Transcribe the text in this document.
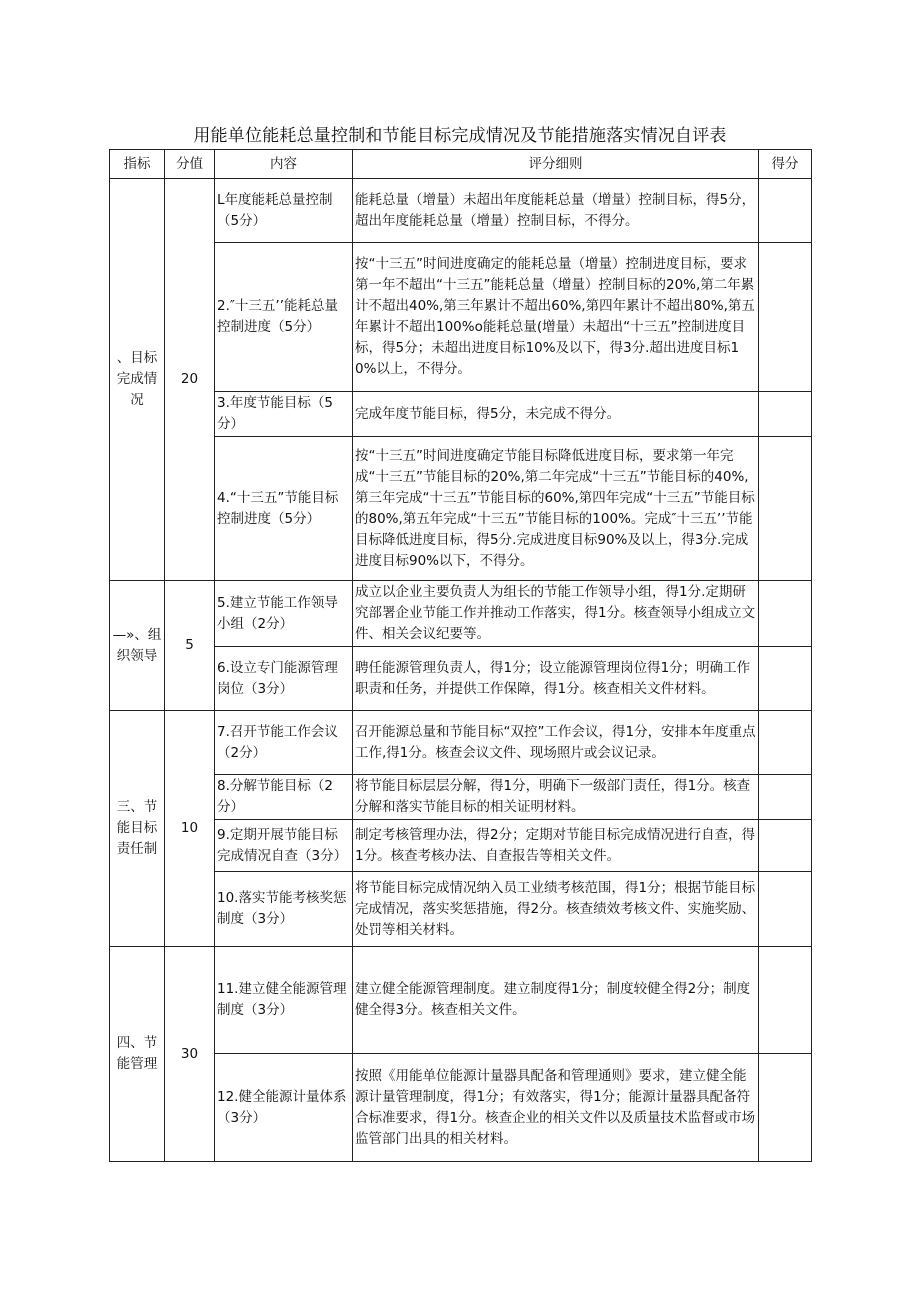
用能单位能耗总量控制和节能目标完成情况及节能措施落实情况自评表
指标	分值	内容	评分细则	得分
、目标完成情况	20	L年度能耗总量控制（5分）	能耗总量（增量）未超出年度能耗总量（增量）控制目标，得5分，超出年度能耗总量（增量）控制目标，不得分。	
		2.″十三五’’能耗总量控制进度（5分）	按“十三五”时间进度确定的能耗总量（增量）控制进度目标，要求第一年不超出“十三五”能耗总量（增量）控制目标的20%,第二年累计不超出40%,第三年累计不超出60%,第四年累计不超出80%,第五年累计不超出100%o能耗总量(增量）未超出“十三五”控制进度目标，得5分；未超出进度目标10%及以下，得3分.超出进度目标10%以上，不得分。	
		3.年度节能目标（5分）	完成年度节能目标，得5分，未完成不得分。	
		4.“十三五”节能目标控制进度（5分）	按“十三五”时间进度确定节能目标降低进度目标，要求第一年完成“十三五”节能目标的20%,第二年完成“十三五”节能目标的40%,第三年完成“十三五”节能目标的60%,第四年完成“十三五”节能目标的80%,第五年完成“十三五”节能目标的100%。完成″十三五’’节能目标降低进度目标，得5分.完成进度目标90%及以上，得3分.完成进度目标90%以下，不得分。	
—»、组织领导	5	5.建立节能工作领导小组（2分）	成立以企业主要负责人为组长的节能工作领导小组，得1分.定期研究部署企业节能工作并推动工作落实，得1分。核查领导小组成立文件、相关会议纪要等。	
		6.设立专门能源管理岗位（3分）	聘任能源管理负责人，得1分；设立能源管理岗位得1分；明确工作职责和任务，并提供工作保障，得1分。核查相关文件材料。	
三、节能目标责任制	10	7.召开节能工作会议（2分）	召开能源总量和节能目标“双控”工作会议，得1分，安排本年度重点工作,得1分。核查会议文件、现场照片或会议记录。	
		8.分解节能目标（2分）	将节能目标层层分解，得1分，明确下一级部门责任，得1分。核查分解和落实节能目标的相关证明材料。	
		9.定期开展节能目标完成情况自查（3分）	制定考核管理办法，得2分；定期对节能目标完成情况进行自查，得1分。核查考核办法、自查报告等相关文件。	
		10.落实节能考核奖惩制度（3分）	将节能目标完成情况纳入员工业绩考核范围，得1分；根据节能目标完成情况，落实奖惩措施，得2分。核查绩效考核文件、实施奖励、处罚等相关材料。	
四、节　能管理	30	11.建立健全能源管理制度（3分）	建立健全能源管理制度。建立制度得1分；制度较健全得2分；制度健全得3分。核查相关文件。	
		12.健全能源计量体系（3分）	按照《用能单位能源计量器具配备和管理通则》要求，建立健全能源计量管理制度，得1分；有效落实，得1分；能源计量器具配备符合标准要求，得1分。核查企业的相关文件以及质量技术监督或市场监管部门出具的相关材料。	
